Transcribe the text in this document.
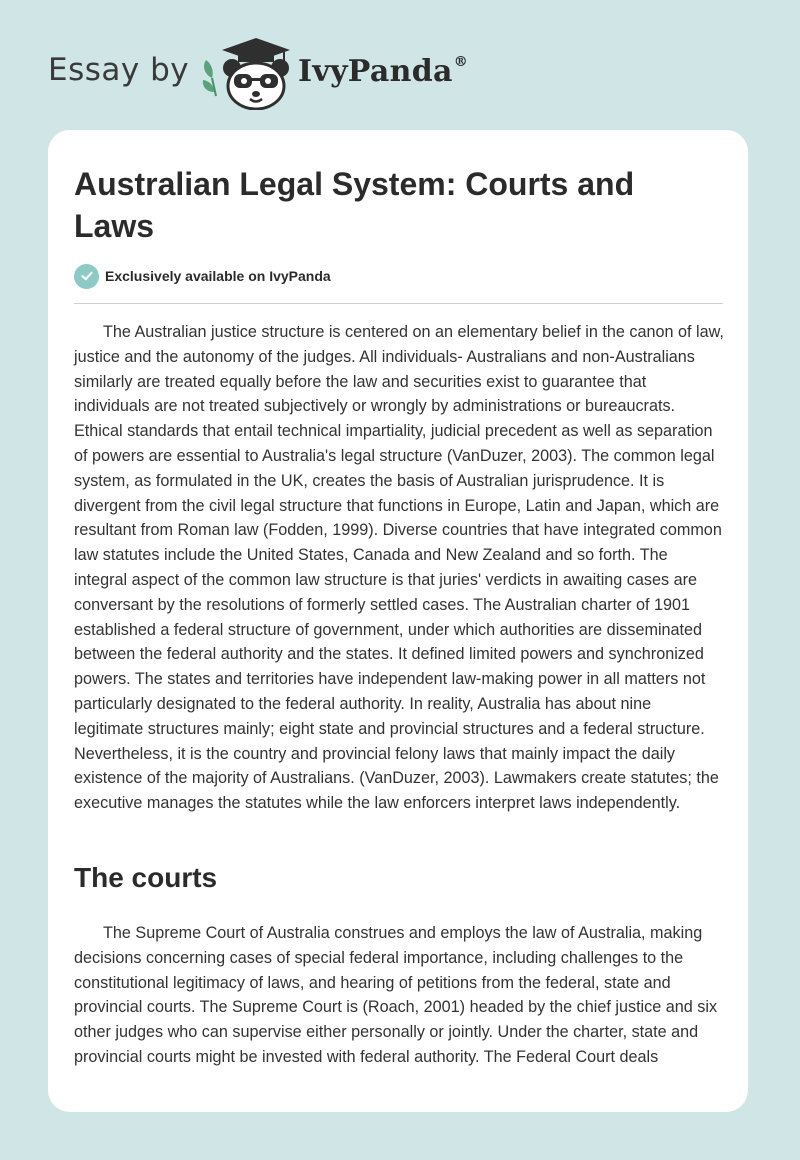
Essay by	IvyPanda®
Australian Legal System: Courts and Laws
Exclusively available on IvyPanda

The Australian justice structure is centered on an elementary belief in the canon of law, justice and the autonomy of the judges. All individuals- Australians and non-Australians similarly are treated equally before the law and securities exist to guarantee that individuals are not treated subjectively or wrongly by administrations or bureaucrats. Ethical standards that entail technical impartiality, judicial precedent as well as separation of powers are essential to Australia's legal structure (VanDuzer, 2003). The common legal system, as formulated in the UK, creates the basis of Australian jurisprudence. It is divergent from the civil legal structure that functions in Europe, Latin and Japan, which are resultant from Roman law (Fodden, 1999). Diverse countries that have integrated common law statutes include the United States, Canada and New Zealand and so forth. The integral aspect of the common law structure is that juries' verdicts in awaiting cases are conversant by the resolutions of formerly settled cases. The Australian charter of 1901 established a federal structure of government, under which authorities are disseminated between the federal authority and the states. It defined limited powers and synchronized powers. The states and territories have independent law-making power in all matters not particularly designated to the federal authority. In reality, Australia has about nine legitimate structures mainly; eight state and provincial structures and a federal structure. Nevertheless, it is the country and provincial felony laws that mainly impact the daily existence of the majority of Australians. (VanDuzer, 2003). Lawmakers create statutes; the executive manages the statutes while the law enforcers interpret laws independently.

The courts

The Supreme Court of Australia construes and employs the law of Australia, making decisions concerning cases of special federal importance, including challenges to the constitutional legitimacy of laws, and hearing of petitions from the federal, state and provincial courts. The Supreme Court is (Roach, 2001) headed by the chief justice and six other judges who can supervise either personally or jointly. Under the charter, state and provincial courts might be invested with federal authority. The Federal Court deals
